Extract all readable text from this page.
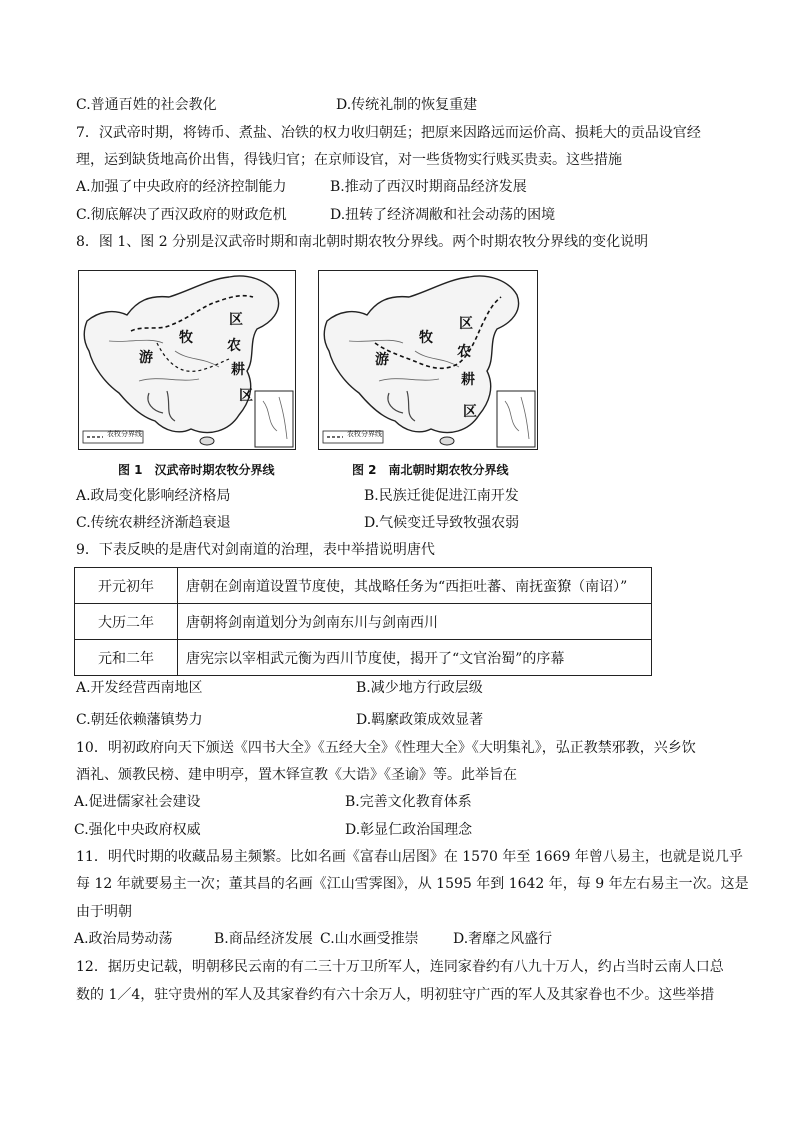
C.普通百姓的社会教化	D.传统礼制的恢复重建
7．汉武帝时期，将铸币、煮盐、冶铁的权力收归朝廷；把原来因路远而运价高、损耗大的贡品设官经
理，运到缺货地高价出售，得钱归官；在京师设官，对一些货物实行贱买贵卖。这些措施
A.加强了中央政府的经济控制能力	B.推动了西汉时期商品经济发展
C.彻底解决了西汉政府的财政危机	D.扭转了经济凋敝和社会动荡的困境
8．图 1、图 2 分别是汉武帝时期和南北朝时期农牧分界线。两个时期农牧分界线的变化说明
牧
区
游
农
耕
区
农牧分界线
牧
区
游	农
耕
区
农牧分界线
图 1　汉武帝时期农牧分界线	图 2　南北朝时期农牧分界线
A.政局变化影响经济格局	B.民族迁徙促进江南开发
C.传统农耕经济渐趋衰退	D.气候变迁导致牧强农弱
9．下表反映的是唐代对剑南道的治理，表中举措说明唐代
开元初年	唐朝在剑南道设置节度使，其战略任务为“西拒吐蕃、南抚蛮獠（南诏）”
大历二年	唐朝将剑南道划分为剑南东川与剑南西川
元和二年	唐宪宗以宰相武元衡为西川节度使，揭开了“文官治蜀”的序幕
A.开发经营西南地区	B.减少地方行政层级
C.朝廷依赖藩镇势力	D.羁縻政策成效显著
10．明初政府向天下颁送《四书大全》《五经大全》《性理大全》《大明集礼》，弘正教禁邪教，兴乡饮
酒礼、颁教民榜、建申明亭，置木铎宣教《大诰》《圣谕》等。此举旨在
A.促进儒家社会建设	B.完善文化教育体系
C.强化中央政府权威	D.彰显仁政治国理念
11．明代时期的收藏品易主频繁。比如名画《富春山居图》在 1570 年至 1669 年曾八易主，也就是说几乎
每 12 年就要易主一次；董其昌的名画《江山雪霁图》，从 1595 年到 1642 年，每 9 年左右易主一次。这是
由于明朝
A.政治局势动荡	B.商品经济发展 C.山水画受推崇 D.奢靡之风盛行
12．据历史记载，明朝移民云南的有二三十万卫所军人，连同家眷约有八九十万人，约占当时云南人口总
数的 1／4，驻守贵州的军人及其家眷约有六十余万人，明初驻守广西的军人及其家眷也不少。这些举措
